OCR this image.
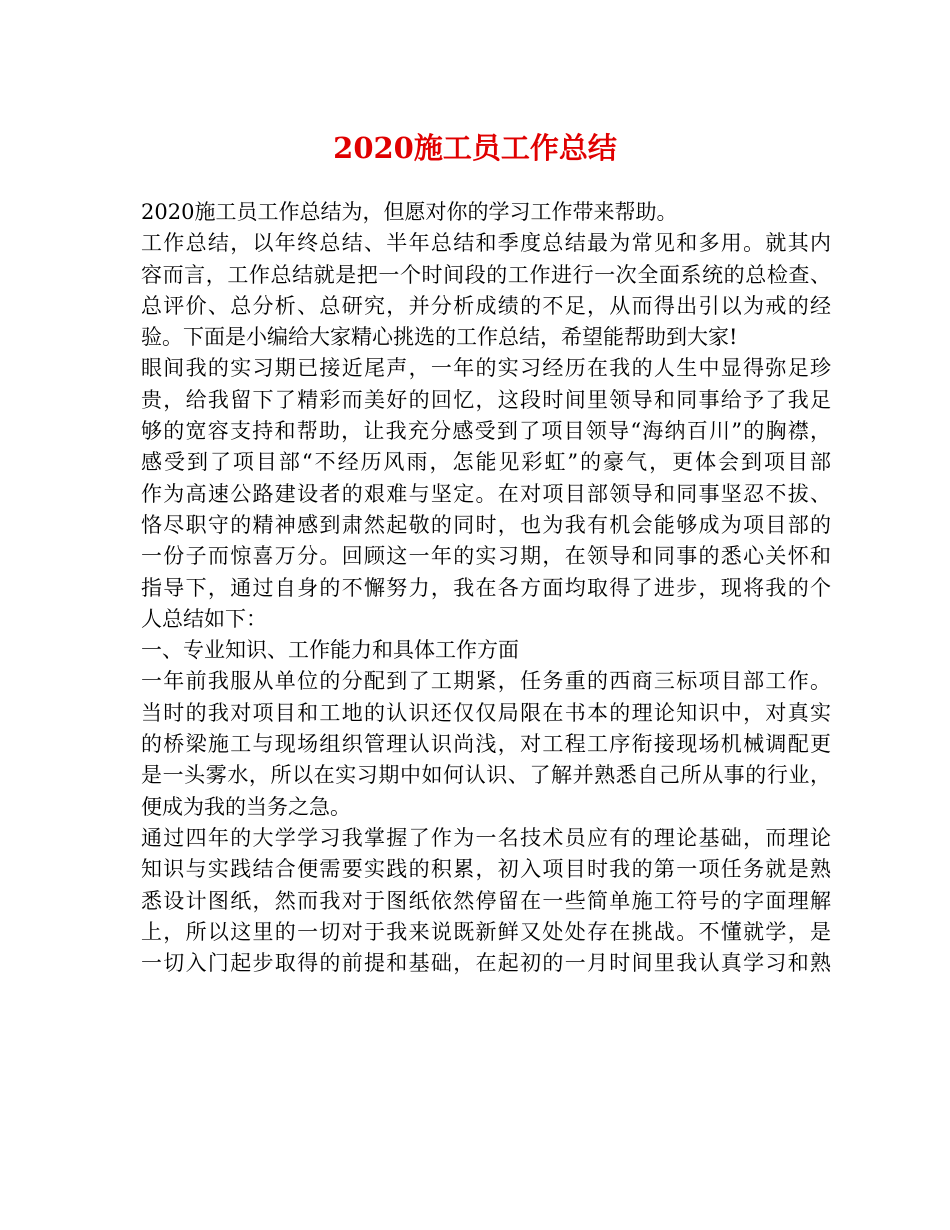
2020施工员工作总结
2020施工员工作总结为，但愿对你的学习工作带来帮助。
工作总结，以年终总结、半年总结和季度总结最为常见和多用。就其内
容而言，工作总结就是把一个时间段的工作进行一次全面系统的总检查、
总评价、总分析、总研究，并分析成绩的不足，从而得出引以为戒的经
验。下面是小编给大家精心挑选的工作总结，希望能帮助到大家!
眼间我的实习期已接近尾声，一年的实习经历在我的人生中显得弥足珍
贵，给我留下了精彩而美好的回忆，这段时间里领导和同事给予了我足
够的宽容支持和帮助，让我充分感受到了项目领导“海纳百川”的胸襟，
感受到了项目部“不经历风雨，怎能见彩虹”的豪气，更体会到项目部
作为高速公路建设者的艰难与坚定。在对项目部领导和同事坚忍不拔、
恪尽职守的精神感到肃然起敬的同时，也为我有机会能够成为项目部的
一份子而惊喜万分。回顾这一年的实习期，在领导和同事的悉心关怀和
指导下，通过自身的不懈努力，我在各方面均取得了进步，现将我的个
人总结如下：
一、专业知识、工作能力和具体工作方面
一年前我服从单位的分配到了工期紧，任务重的西商三标项目部工作。
当时的我对项目和工地的认识还仅仅局限在书本的理论知识中，对真实
的桥梁施工与现场组织管理认识尚浅，对工程工序衔接现场机械调配更
是一头雾水，所以在实习期中如何认识、了解并熟悉自己所从事的行业，
便成为我的当务之急。
通过四年的大学学习我掌握了作为一名技术员应有的理论基础，而理论
知识与实践结合便需要实践的积累，初入项目时我的第一项任务就是熟
悉设计图纸，然而我对于图纸依然停留在一些简单施工符号的字面理解
上，所以这里的一切对于我来说既新鲜又处处存在挑战。不懂就学，是
一切入门起步取得的前提和基础，在起初的一月时间里我认真学习和熟
